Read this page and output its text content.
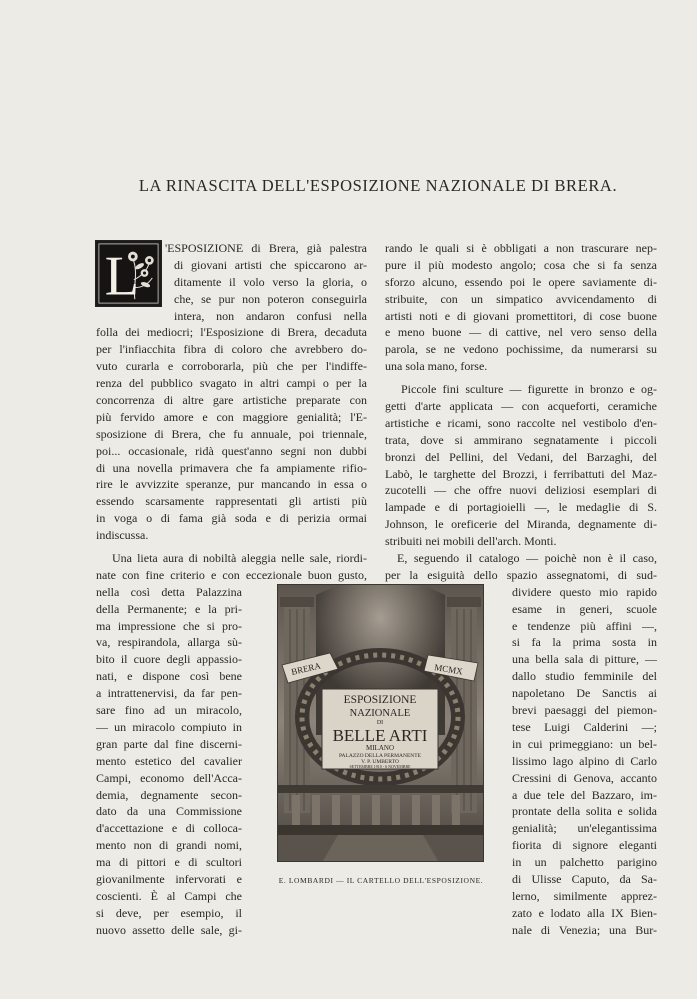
LA RINASCITA DELL'ESPOSIZIONE NAZIONALE DI BRERA.
L 'ESPOSIZIONE di Brera, già palestra
di giovani artisti che spiccarono ar-
ditamente il volo verso la gloria, o
che, se pur non poteron conseguirla
intera, non andaron confusi nella
folla dei mediocri; l'Esposizione di Brera, decaduta
per l'infiacchita fibra di coloro che avrebbero do-
vuto curarla e corroborarla, più che per l'indiffe-
renza del pubblico svagato in altri campi o per la
concorrenza di altre gare artistiche preparate con
più fervido amore e con maggiore genialità; l'E-
sposizione di Brera, che fu annuale, poi triennale,
poi... occasionale, ridà quest'anno segni non dubbi
di una novella primavera che fa ampiamente rifio-
rire le avvizzite speranze, pur mancando in essa o
essendo scarsamente rappresentati gli artisti più
in voga o di fama già soda e di perizia ormai
indiscussa.

Una lieta aura di nobiltà aleggia nelle sale, riordi-
nate con fine criterio e con eccezionale buon gusto,

nella così detta Palazzina
della Permanente; e la pri-
ma impressione che si pro-
va, respirandola, allarga sù-
bito il cuore degli appassio-
nati, e dispone così bene
a intrattenervisi, da far pen-
sare fino ad un miracolo,
— un miracolo compiuto in
gran parte dal fine discerni-
mento estetico del cavalier
Campi, economo dell'Acca-
demia, degnamente secon-
dato da una Commissione
d'accettazione e di colloca-
mento non di grandi nomi,
ma di pittori e di scultori
giovanilmente infervorati e
coscienti. È al Campi che
si deve, per esempio, il
nuovo assetto delle sale, gi-

rando le quali si è obbligati a non trascurare nep-
pure il più modesto angolo; cosa che si fa senza
sforzo alcuno, essendo poi le opere saviamente di-
stribuite, con un simpatico avvicendamento di
artisti noti e di giovani promettitori, di cose buone
e meno buone — di cattive, nel vero senso della
parola, se ne vedono pochissime, da numerarsi su
una sola mano, forse.

Piccole fini sculture — figurette in bronzo e og-
getti d'arte applicata — con acqueforti, ceramiche
artistiche e ricami, sono raccolte nel vestibolo d'en-
trata, dove si ammirano segnatamente i piccoli
bronzi del Pellini, del Vedani, del Barzaghi, del
Labò, le targhette del Brozzi, i ferribattuti del Maz-
zucotelli — che offre nuovi deliziosi esemplari di
lampade e di portagioielli —, le medaglie di S.
Johnson, le oreficerie del Miranda, degnamente di-
stribuiti nei mobili dell'arch. Monti.

E, seguendo il catalogo — poichè non è il caso,
per la esiguità dello spazio assegnatomi, di sud-

dividere questo mio rapido
esame in generi, scuole
e tendenze più affini —,
si fa la prima sosta in
una bella sala di pitture, —
dallo studio femminile del
napoletano De Sanctis ai
brevi paesaggi del piemon-
tese Luigi Calderini —;
in cui primeggiano: un bel-
lissimo lago alpino di Carlo
Cressini di Genova, accanto
a due tele del Bazzaro, im-
prontate della solita e solida
genialità; un'elegantissima
fiorita di signore eleganti
in un palchetto parigino
di Ulisse Caputo, da Sa-
lerno, similmente apprez-
zato e lodato alla IX Bien-
nale di Venezia; una Bur-

BRERA	MCMX
ESPOSIZIONE
NAZIONALE
DI
BELLE ARTI
MILANO
PALAZZO DELLA PERMANENTE
V. P. UMBERTO
SETTEMBRE 1910 - 6 NOVEMBRE
E. LOMBARDI — IL CARTELLO DELL'ESPOSIZIONE.
